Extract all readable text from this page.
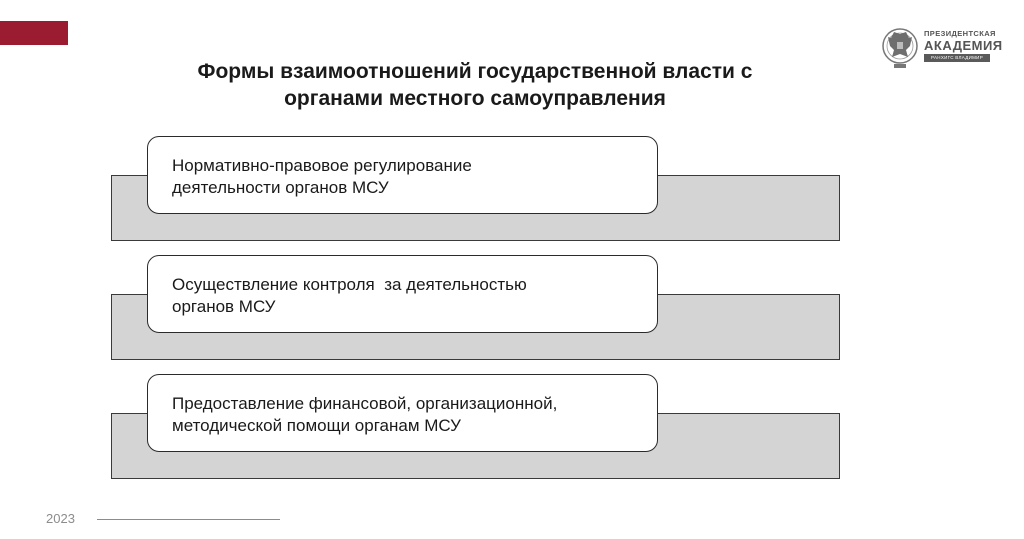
ПРЕЗИДЕНТСКАЯ
АКАДЕМИЯ
РАНХИГС ВЛАДИМИР
Формы взаимоотношений государственной власти с
органами местного самоуправления
Нормативно-правовое регулирование
деятельности органов МСУ
Осуществление контроля  за деятельностью
органов МСУ
Предоставление финансовой, организационной,
методической помощи органам МСУ
2023
